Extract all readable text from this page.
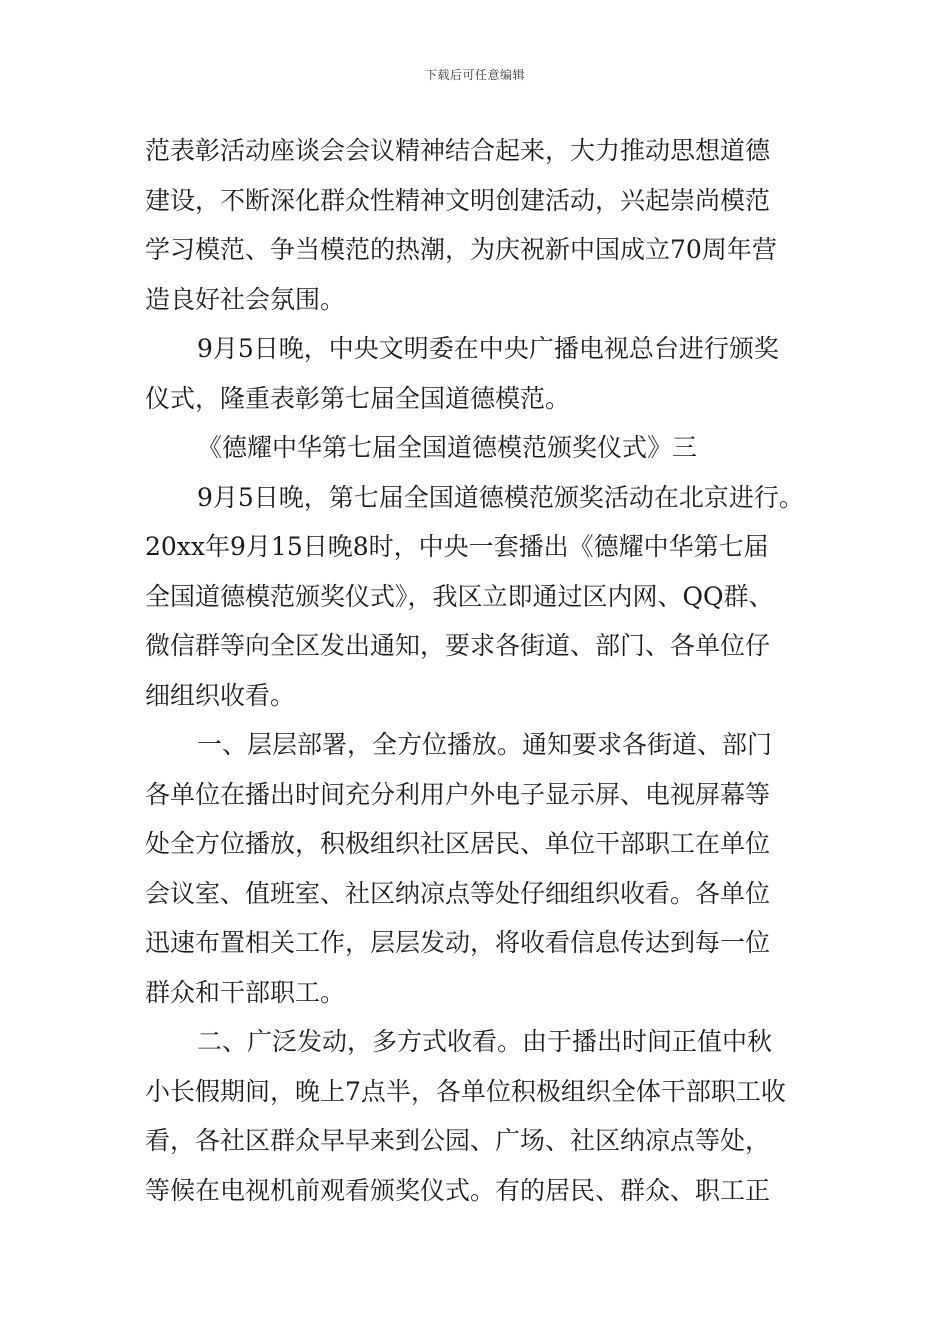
下载后可任意编辑

范表彰活动座谈会会议精神结合起来，大力推动思想道德

建设，不断深化群众性精神文明创建活动，兴起崇尚模范

学习模范、争当模范的热潮，为庆祝新中国成立70周年营

造良好社会氛围。

9月5日晚，中央文明委在中央广播电视总台进行颁奖

仪式，隆重表彰第七届全国道德模范。

《德耀中华第七届全国道德模范颁奖仪式》三

9月5日晚，第七届全国道德模范颁奖活动在北京进行。

20xx年9月15日晚8时，中央一套播出《德耀中华第七届

全国道德模范颁奖仪式》，我区立即通过区内网、QQ群、

微信群等向全区发出通知，要求各街道、部门、各单位仔

细组织收看。

一、层层部署，全方位播放。通知要求各街道、部门

各单位在播出时间充分利用户外电子显示屏、电视屏幕等

处全方位播放，积极组织社区居民、单位干部职工在单位

会议室、值班室、社区纳凉点等处仔细组织收看。各单位

迅速布置相关工作，层层发动，将收看信息传达到每一位

群众和干部职工。

二、广泛发动，多方式收看。由于播出时间正值中秋

小长假期间，晚上7点半，各单位积极组织全体干部职工收

看，各社区群众早早来到公园、广场、社区纳凉点等处，

等候在电视机前观看颁奖仪式。有的居民、群众、职工正
